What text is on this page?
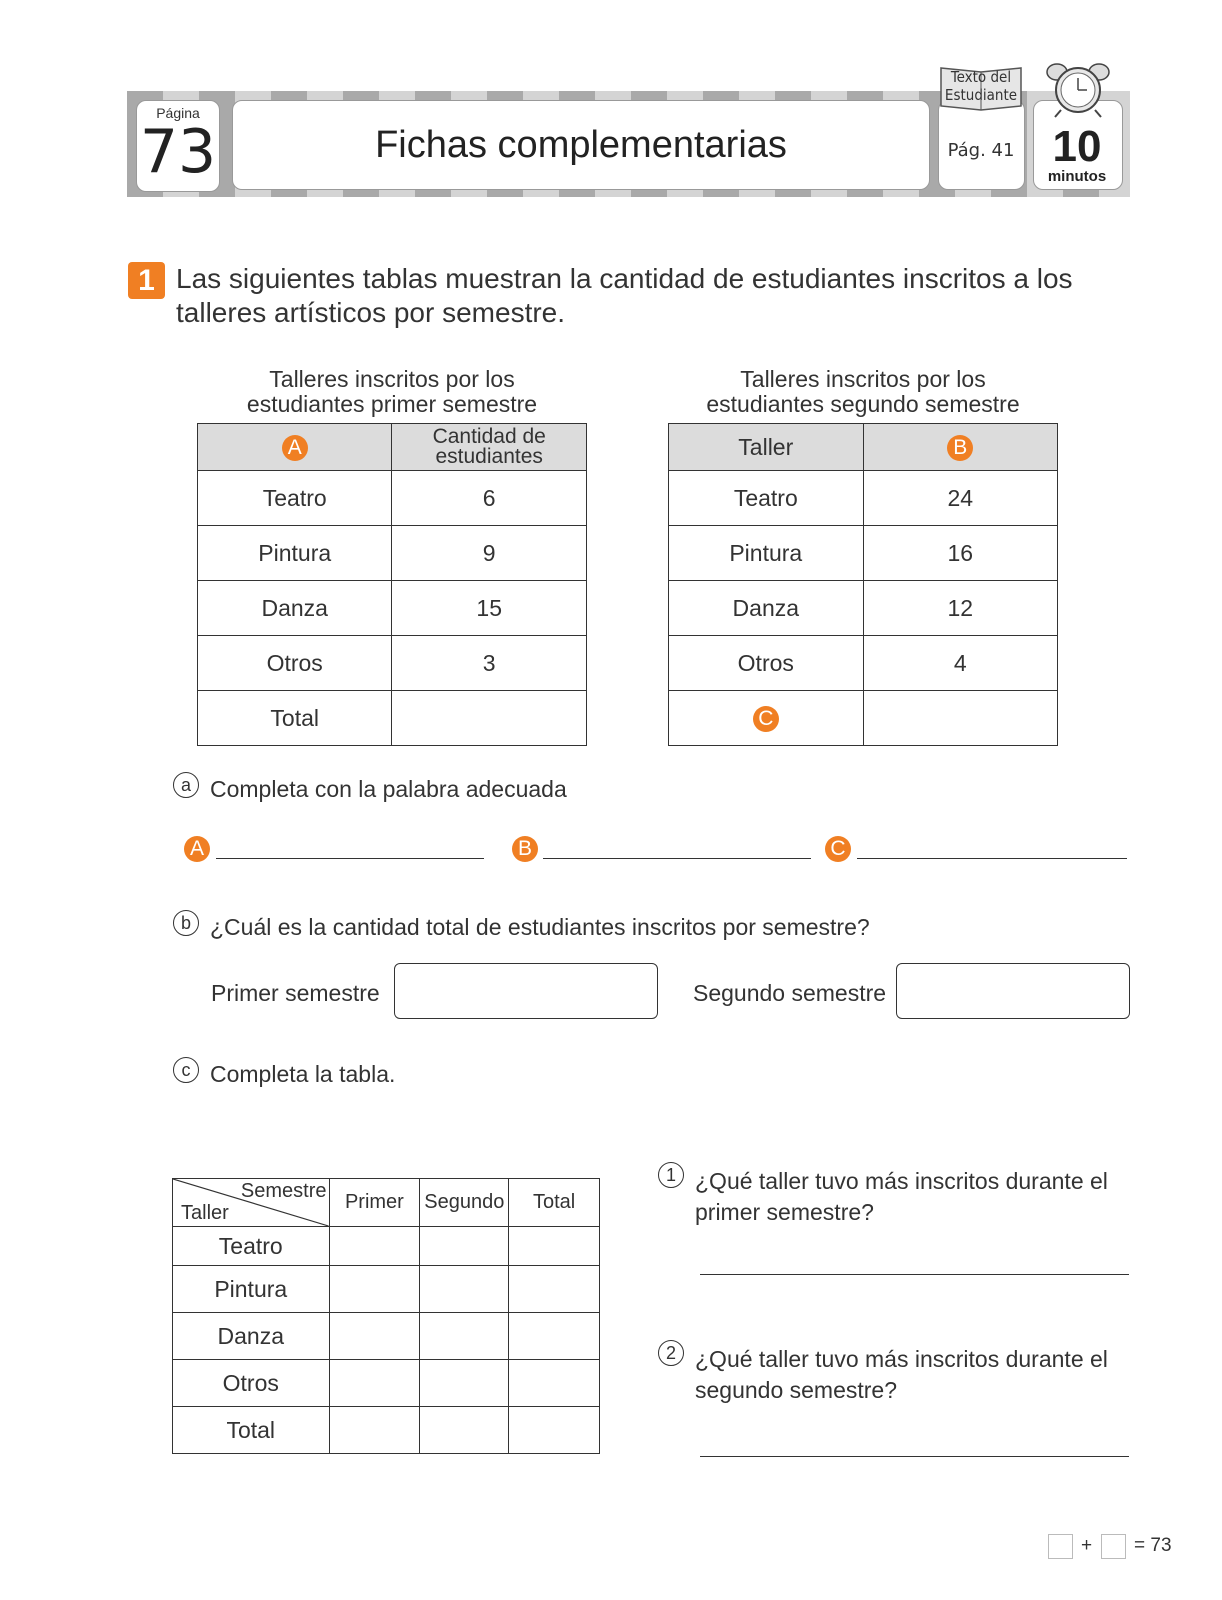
Página
73	Fichas complementarias
Texto del
Estudiante
Pág. 41 10
minutos
1 Las siguientes tablas muestran la cantidad de estudiantes inscritos a los talleres artísticos por semestre.
Talleres inscritos por los
estudiantes primer semestre
A	Cantidad de
estudiantes

Teatro	6
Pintura	9
Danza	15
Otros	3
Total	
Talleres inscritos por los
estudiantes segundo semestre
Taller	B
Teatro	24
Pintura	16
Danza	12
Otros	4
C	
a Completa con la palabra adecuada
A	B	C
b ¿Cuál es la cantidad total de estudiantes inscritos por semestre?
Primer semestre	Segundo semestre
c Completa la tabla.
Semestre
Taller	Primer	Segundo	Total
Teatro			
Pintura			
Danza			
Otros			
Total			
1 ¿Qué taller tuvo más inscritos durante el
primer semestre?
2 ¿Qué taller tuvo más inscritos durante el
segundo semestre?
+ = 73
